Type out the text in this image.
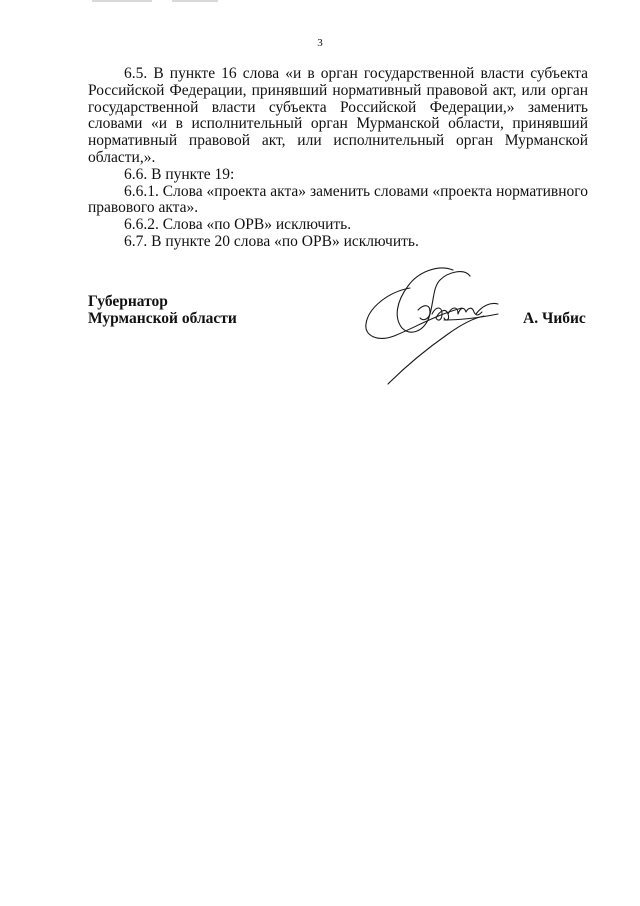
3

6.5. В пункте 16 слова «и в орган государственной власти субъекта Российской Федерации, принявший нормативный правовой акт, или орган государственной власти субъекта Российской Федерации,» заменить словами «и в исполнительный орган Мурманской области, принявший нормативный правовой акт, или исполнительный орган Мурманской области,».

6.6. В пункте 19:

6.6.1. Слова «проекта акта» заменить словами «проекта нормативного правового акта».

6.6.2. Слова «по ОРВ» исключить.

6.7. В пункте 20 слова «по ОРВ» исключить.

Губернатор
Мурманской области	А. Чибис
